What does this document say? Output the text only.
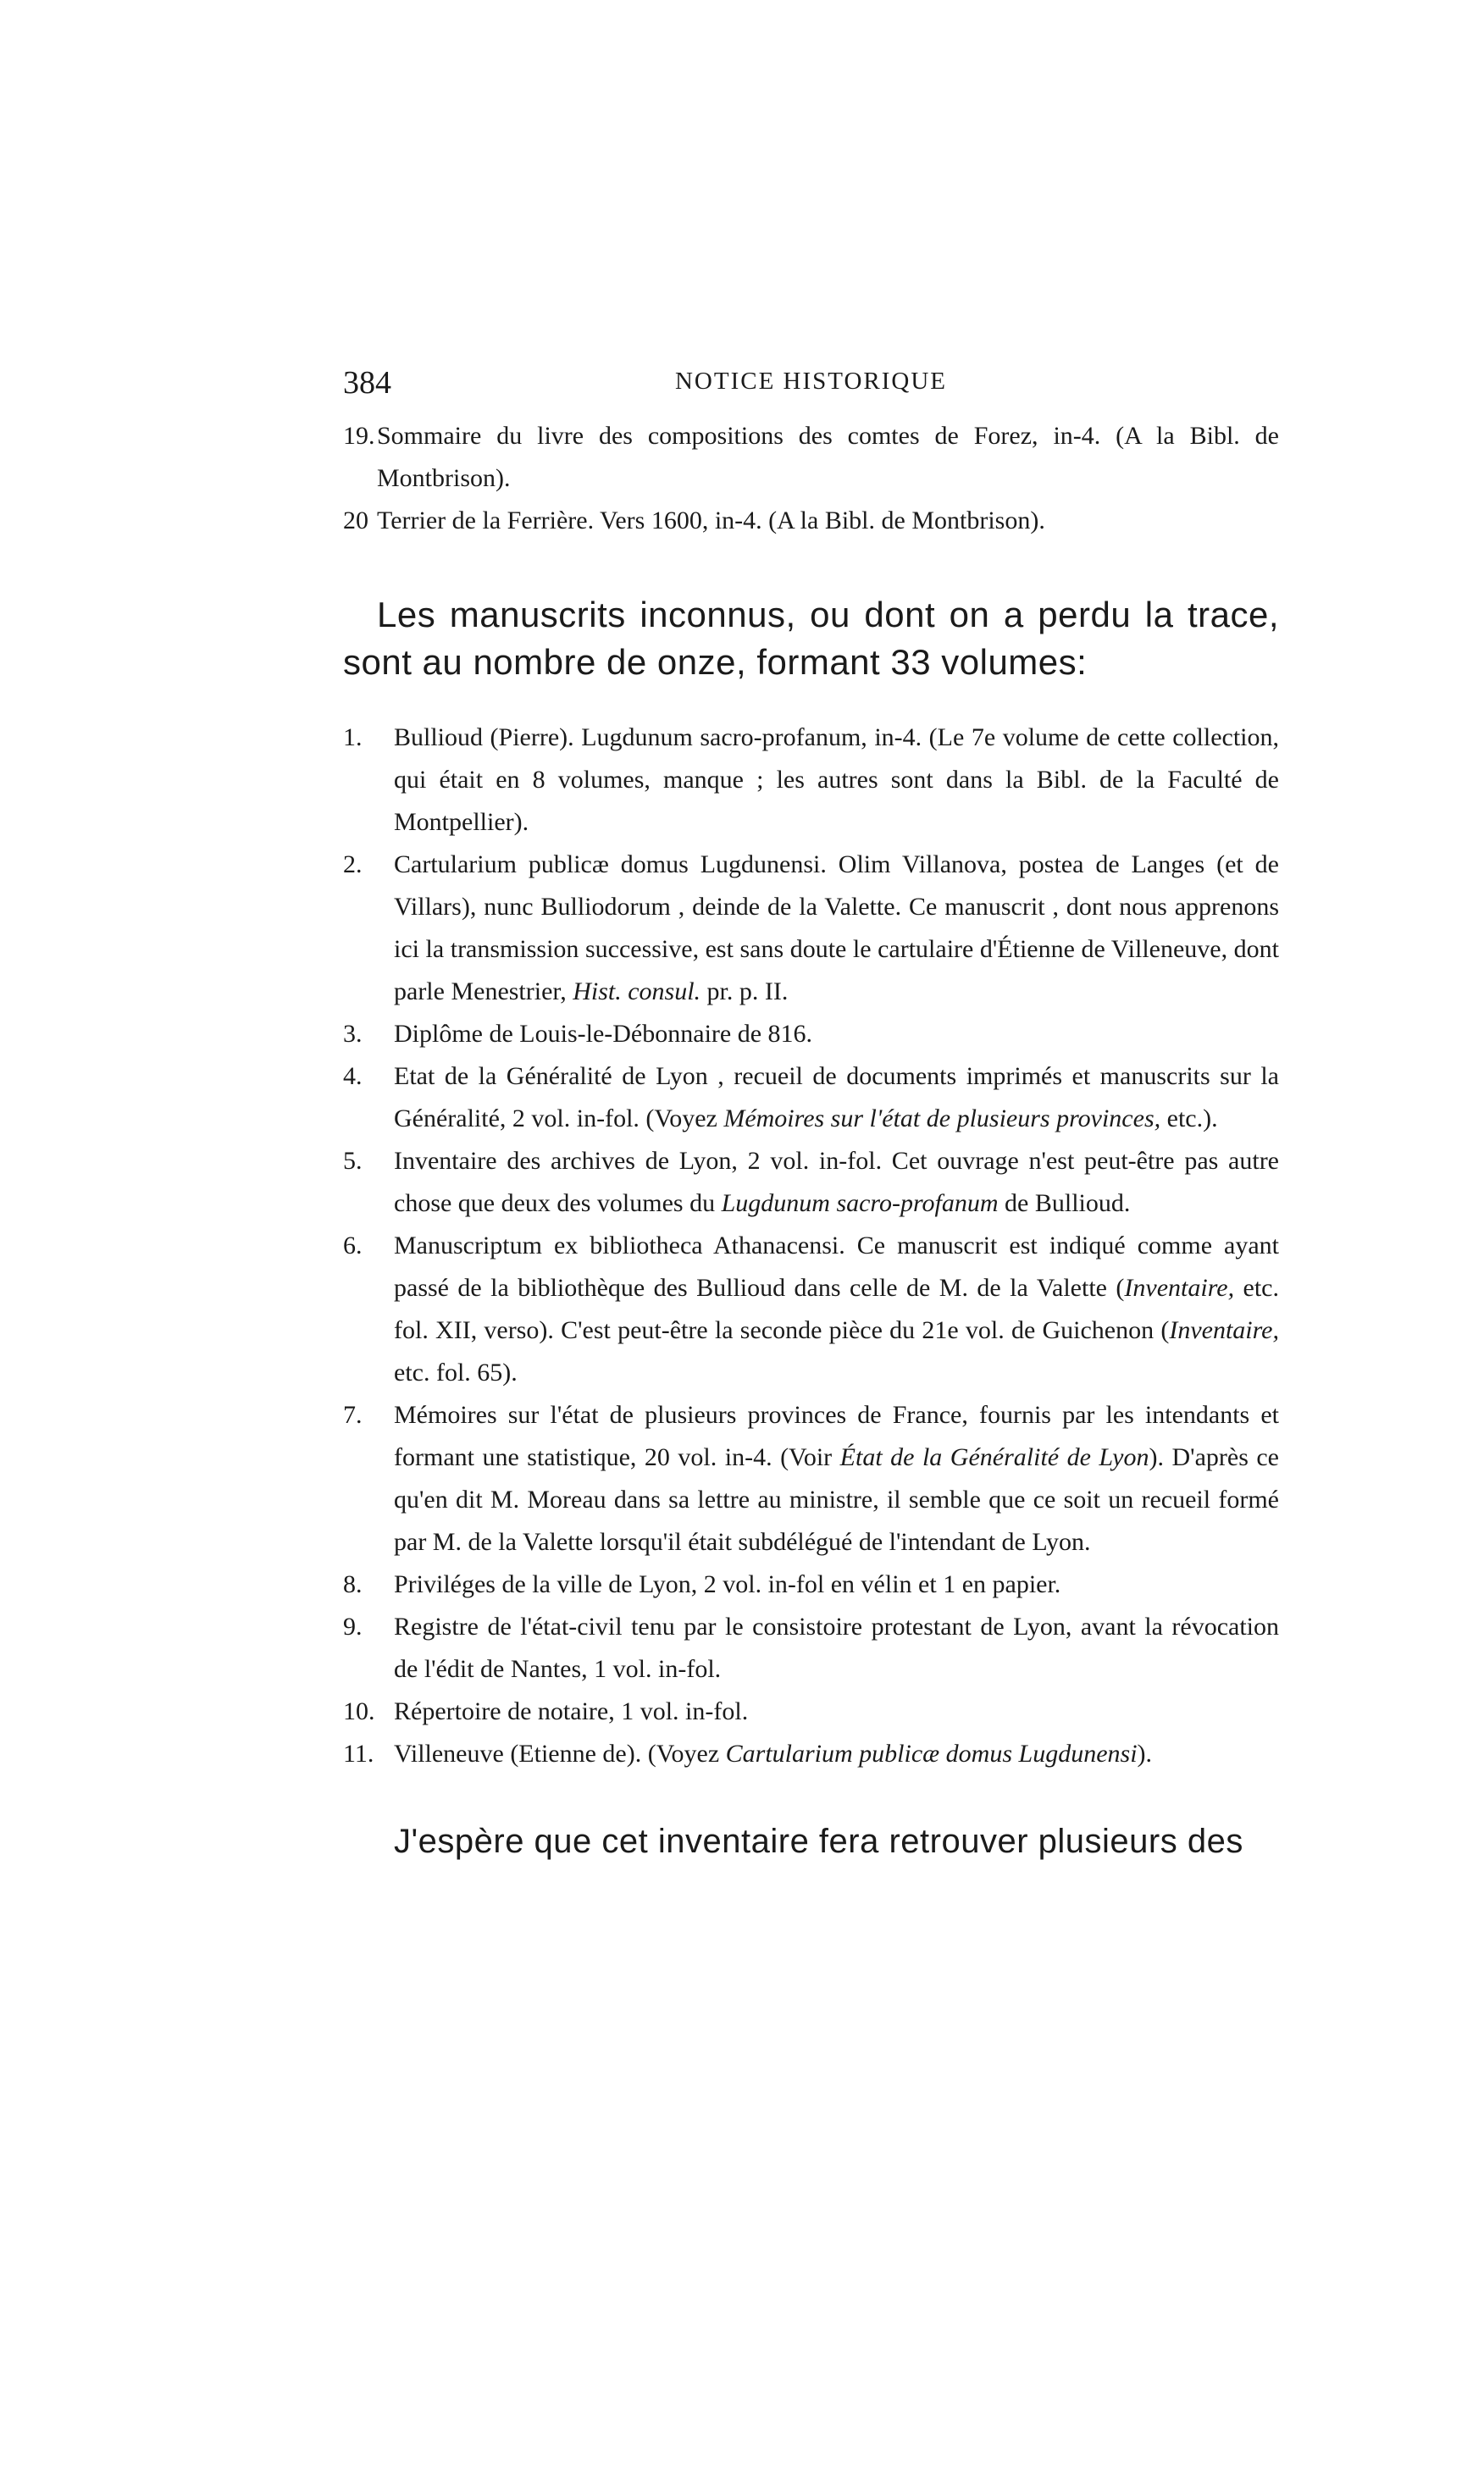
384	NOTICE HISTORIQUE

19.Sommaire du livre des compositions des comtes de Forez, in-4. (A la Bibl. de Montbrison).

20 Terrier de la Ferrière. Vers 1600, in-4. (A la Bibl. de Montbrison).

Les manuscrits inconnus, ou dont on a perdu la trace, sont au nombre de onze, formant 33 volumes:

1. Bullioud (Pierre). Lugdunum sacro-profanum, in-4. (Le 7e volume de cette collection, qui était en 8 volumes, manque ; les autres sont dans la Bibl. de la Faculté de Montpellier).

2. Cartularium publicæ domus Lugdunensi. Olim Villanova, postea de Langes (et de Villars), nunc Bulliodorum , deinde de la Valette. Ce manuscrit , dont nous apprenons ici la transmission successive, est sans doute le cartulaire d'Étienne de Villeneuve, dont parle Menestrier, Hist. consul. pr. p. II.

3. Diplôme de Louis-le-Débonnaire de 816.

4. Etat de la Généralité de Lyon , recueil de documents imprimés et manuscrits sur la Généralité, 2 vol. in-fol. (Voyez Mémoires sur l'état de plusieurs provinces, etc.).

5. Inventaire des archives de Lyon, 2 vol. in-fol. Cet ouvrage n'est peut-être pas autre chose que deux des volumes du Lugdunum sacro-profanum de Bullioud.

6. Manuscriptum ex bibliotheca Athanacensi. Ce manuscrit est indiqué comme ayant passé de la bibliothèque des Bullioud dans celle de M. de la Valette (Inventaire, etc. fol. XII, verso). C'est peut-être la seconde pièce du 21e vol. de Guichenon (Inventaire, etc. fol. 65).

7. Mémoires sur l'état de plusieurs provinces de France, fournis par les intendants et formant une statistique, 20 vol. in-4. (Voir État de la Généralité de Lyon). D'après ce qu'en dit M. Moreau dans sa lettre au ministre, il semble que ce soit un recueil formé par M. de la Valette lorsqu'il était subdélégué de l'intendant de Lyon.

8. Priviléges de la ville de Lyon, 2 vol. in-fol en vélin et 1 en papier.

9. Registre de l'état-civil tenu par le consistoire protestant de Lyon, avant la révocation de l'édit de Nantes, 1 vol. in-fol.

10. Répertoire de notaire, 1 vol. in-fol.

11. Villeneuve (Etienne de). (Voyez Cartularium publicæ domus Lugdunensi).

J'espère que cet inventaire fera retrouver plusieurs des
